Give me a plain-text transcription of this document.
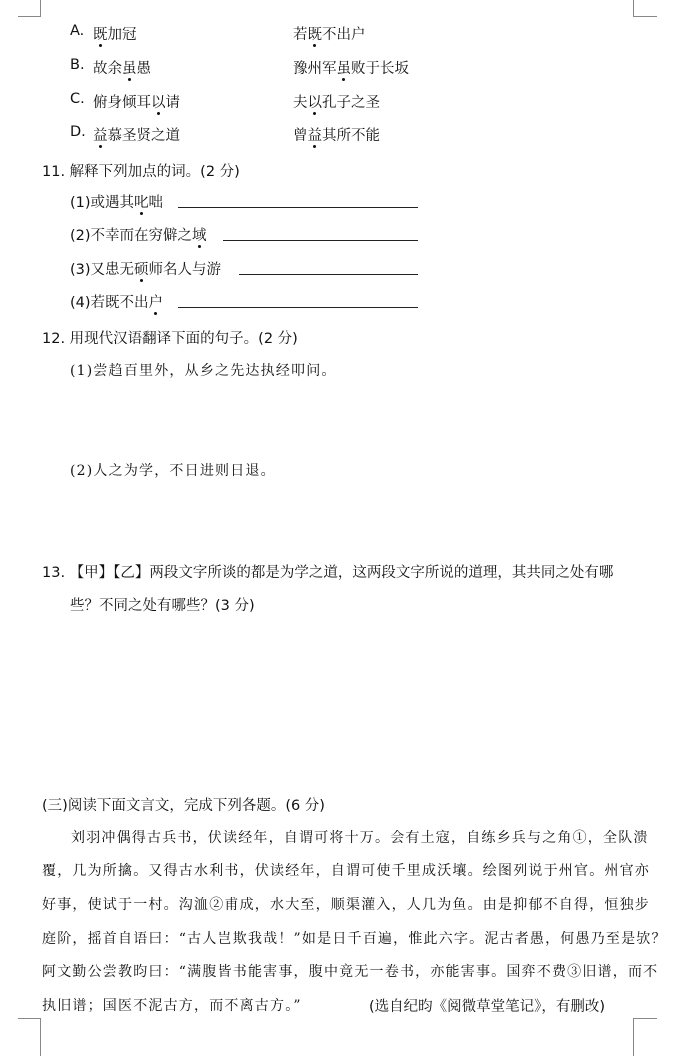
A. 既加冠	若既不出户
B. 故余虽愚	豫州军虽败于长坂
C. 俯身倾耳以请	夫以孔子之圣
D. 益慕圣贤之道	曾益其所不能
11. 解释下列加点的词。(2 分)
(1)或遇其叱咄
(2)不幸而在穷僻之域
(3)又患无硕师名人与游
(4)若既不出户
12. 用现代汉语翻译下面的句子。(2 分)
(1)尝趋百里外，从乡之先达执经叩问。
(2)人之为学，不日进则日退。
13. 【甲】【乙】两段文字所谈的都是为学之道，这两段文字所说的道理，其共同之处有哪
些？不同之处有哪些？(3 分)
(三)阅读下面文言文，完成下列各题。(6 分)
刘羽冲偶得古兵书，伏读经年，自谓可将十万。会有土寇，自练乡兵与之角①，全队溃
覆，几为所擒。又得古水利书，伏读经年，自谓可使千里成沃壤。绘图列说于州官。州官亦
好事，使试于一村。沟洫②甫成，水大至，顺渠灌入，人几为鱼。由是抑郁不自得，恒独步
庭阶，摇首自语曰：“古人岂欺我哉！”如是日千百遍，惟此六字。泥古者愚，何愚乃至是欤？
阿文勤公尝教昀曰：“满腹皆书能害事，腹中竟无一卷书，亦能害事。国弈不费③旧谱，而不
执旧谱；国医不泥古方，而不离古方。”	(选自纪昀《阅微草堂笔记》，有删改)
